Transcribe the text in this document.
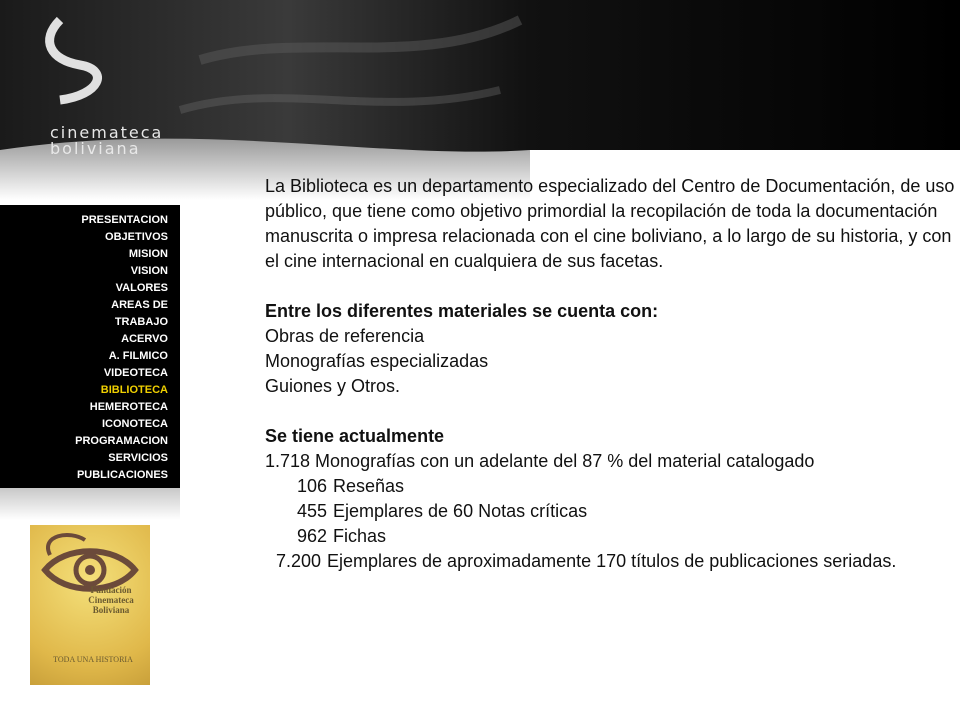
cinemateca
boliviana
PRESENTACION
OBJETIVOS
MISION
VISION
VALORES
AREAS DE TRABAJO
ACERVO
A. FILMICO
VIDEOTECA
BIBLIOTECA
HEMEROTECA
ICONOTECA
PROGRAMACION
SERVICIOS
PUBLICACIONES
Fundación Cinemateca Boliviana
TODA UNA HISTORIA

La Biblioteca es un departamento especializado del Centro de Documentación, de uso público, que tiene como objetivo primordial la recopilación de toda la documentación manuscrita o impresa relacionada con el cine boliviano, a lo largo de su historia, y con el cine internacional en cualquiera de sus facetas.

Entre los diferentes materiales se cuenta con:

Obras de referencia

Monografías especializadas

Guiones y Otros.

Se tiene actualmente

1.718 Monografías con un adelante del 87 % del material catalogado

106 Reseñas
455 Ejemplares de 60 Notas críticas
962 Fichas
7.200 Ejemplares de aproximadamente 170 títulos de publicaciones seriadas.
